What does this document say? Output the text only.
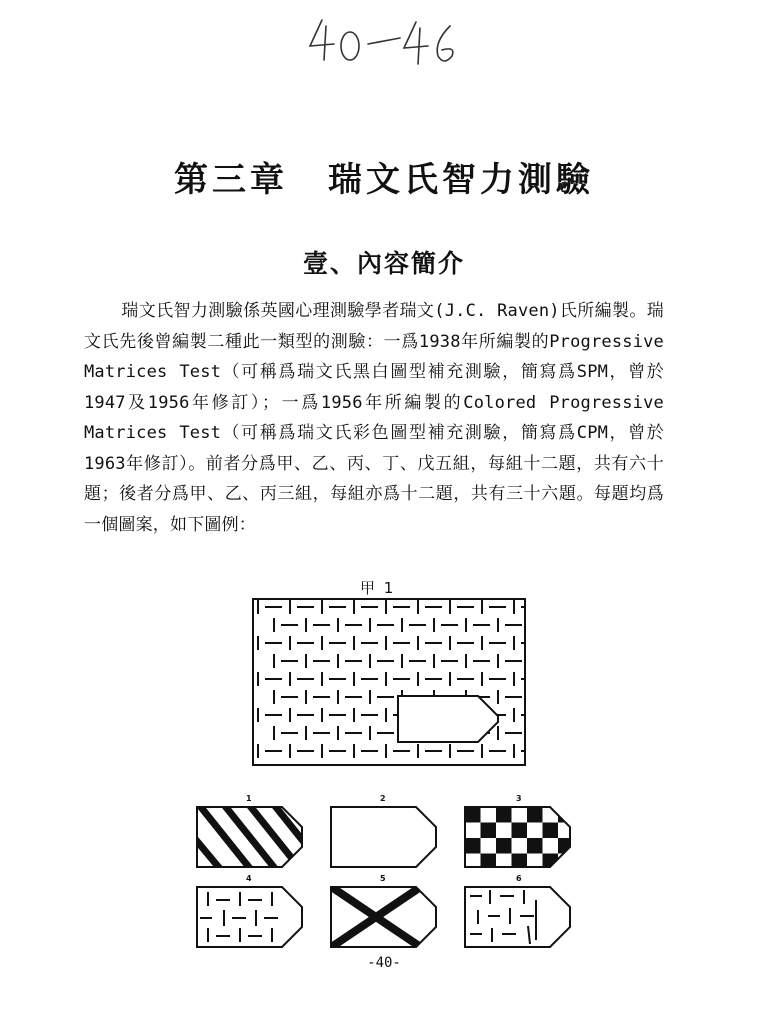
第三章 瑞文氏智力測驗
壹、內容簡介

瑞文氏智力測驗係英國心理測驗學者瑞文(J.C. Raven)氏所編製。瑞文氏先後曾編製二種此一類型的測驗：一爲1938年所編製的Progressive Matrices Test（可稱爲瑞文氏黑白圖型補充測驗，簡寫爲SPM，曾於1947及1956年修訂）；一爲1956年所編製的Colored Progressive Matrices Test（可稱爲瑞文氏彩色圖型補充測驗，簡寫爲CPM，曾於1963年修訂）。前者分爲甲、乙、丙、丁、戊五組，每組十二題，共有六十題；後者分爲甲、乙、丙三組，每組亦爲十二題，共有三十六題。每題均爲一個圖案，如下圖例：

甲 1
1	2	3
4	5	6
-40-
